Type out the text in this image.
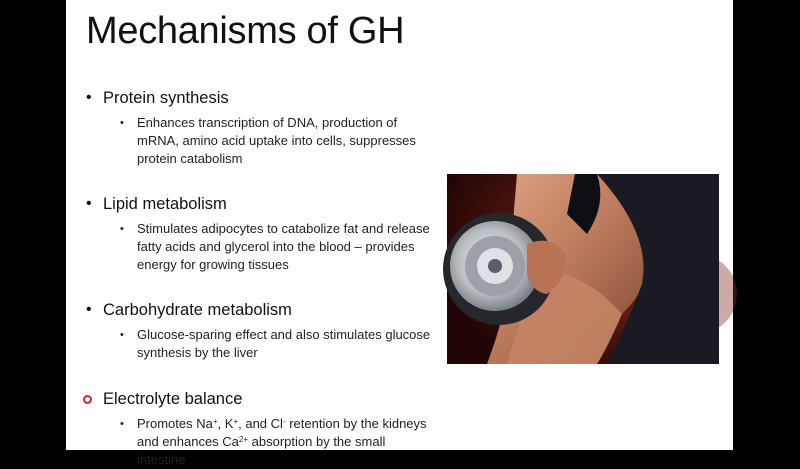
Mechanisms of GH
• Protein synthesis
• Enhances transcription of DNA, production of mRNA, amino acid uptake into cells, suppresses protein catabolism
• Lipid metabolism
• Stimulates adipocytes to catabolize fat and release fatty acids and glycerol into the blood – provides energy for growing tissues
• Carbohydrate metabolism
• Glucose-sparing effect and also stimulates glucose synthesis by the liver
Electrolyte balance
• Promotes Na+, K+, and Cl- retention by the kidneys and enhances $Ca^{2+}$ absorption by the small intestine
